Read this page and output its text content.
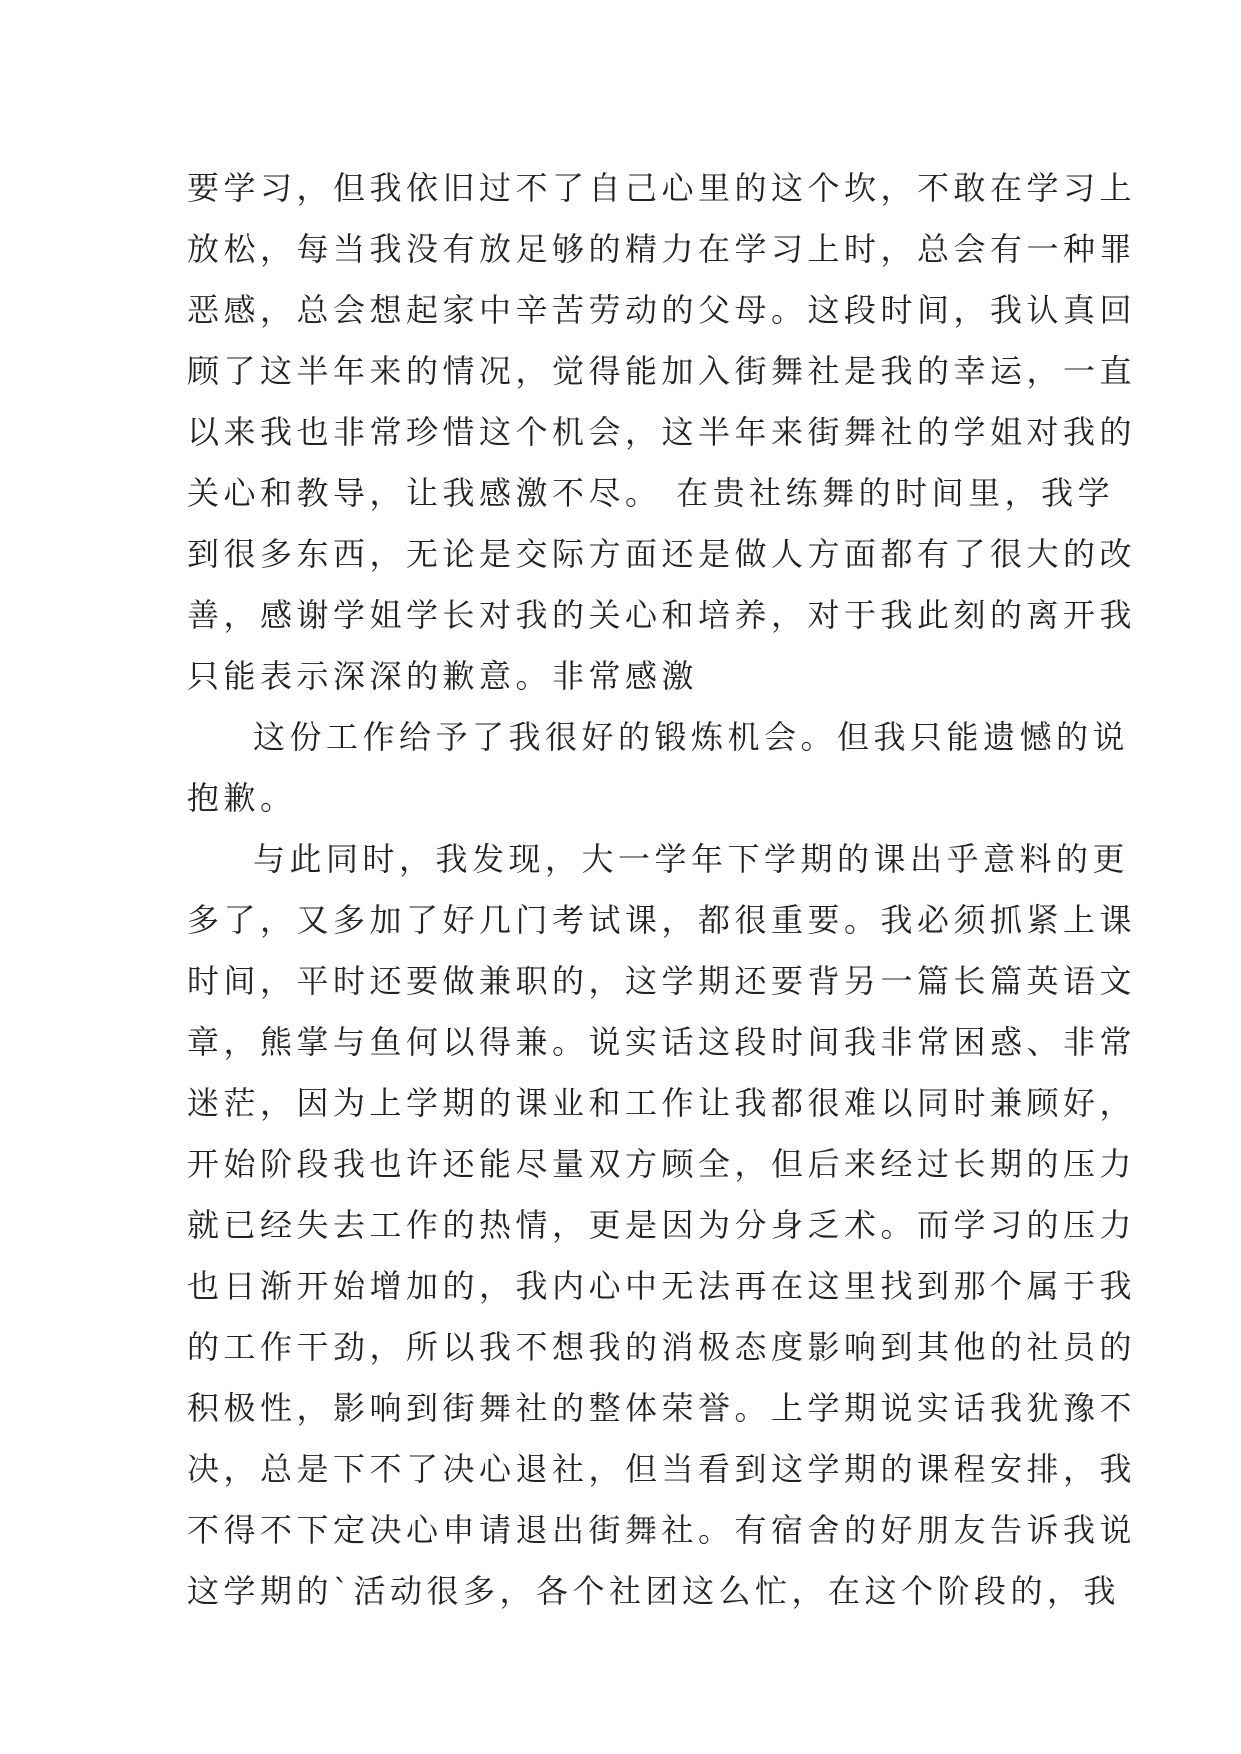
要学习，但我依旧过不了自己心里的这个坎，不敢在学习上
放松，每当我没有放足够的精力在学习上时，总会有一种罪
恶感，总会想起家中辛苦劳动的父母。这段时间，我认真回
顾了这半年来的情况，觉得能加入街舞社是我的幸运，一直
以来我也非常珍惜这个机会，这半年来街舞社的学姐对我的
关心和教导，让我感激不尽。 在贵社练舞的时间里，我学
到很多东西，无论是交际方面还是做人方面都有了很大的改
善，感谢学姐学长对我的关心和培养，对于我此刻的离开我
只能表示深深的歉意。非常感激
这份工作给予了我很好的锻炼机会。但我只能遗憾的说
抱歉。
与此同时，我发现，大一学年下学期的课出乎意料的更
多了，又多加了好几门考试课，都很重要。我必须抓紧上课
时间，平时还要做兼职的，这学期还要背另一篇长篇英语文
章，熊掌与鱼何以得兼。说实话这段时间我非常困惑、非常
迷茫，因为上学期的课业和工作让我都很难以同时兼顾好，
开始阶段我也许还能尽量双方顾全，但后来经过长期的压力
就已经失去工作的热情，更是因为分身乏术。而学习的压力
也日渐开始增加的，我内心中无法再在这里找到那个属于我
的工作干劲，所以我不想我的消极态度影响到其他的社员的
积极性，影响到街舞社的整体荣誉。上学期说实话我犹豫不
决，总是下不了决心退社，但当看到这学期的课程安排，我
不得不下定决心申请退出街舞社。有宿舍的好朋友告诉我说
这学期的`活动很多，各个社团这么忙，在这个阶段的，我
